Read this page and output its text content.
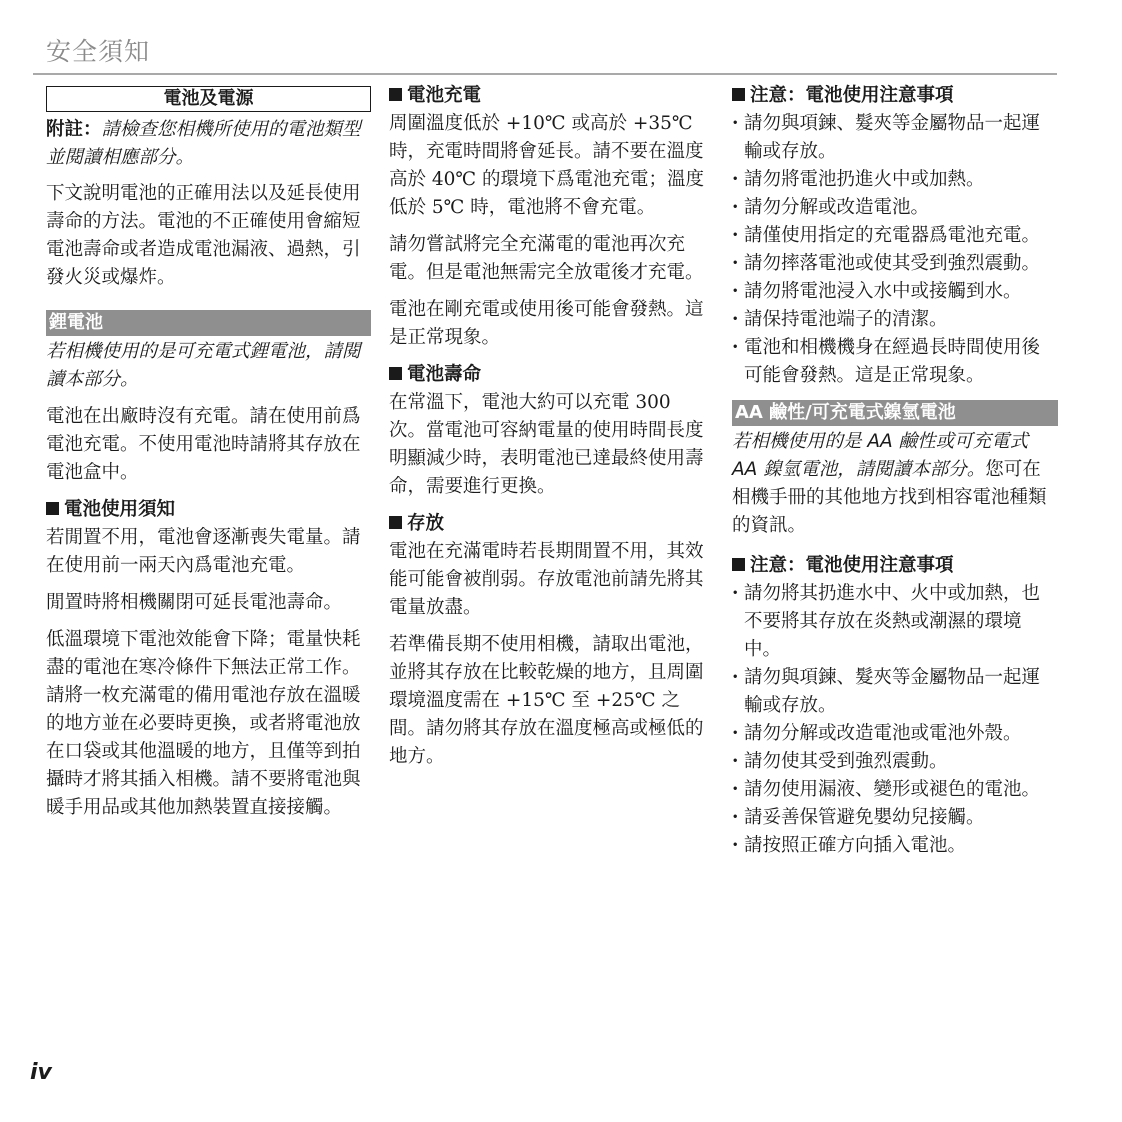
安全須知
電池及電源

附註：請檢查您相機所使用的電池類型並閱讀相應部分。

下文說明電池的正確用法以及延長使用壽命的方法。電池的不正確使用會縮短電池壽命或者造成電池漏液、過熱，引發火災或爆炸。

鋰電池

若相機使用的是可充電式鋰電池，請閱讀本部分。

電池在出廠時沒有充電。請在使用前爲電池充電。不使用電池時請將其存放在電池盒中。

電池使用須知

若閒置不用，電池會逐漸喪失電量。請在使用前一兩天內爲電池充電。

閒置時將相機關閉可延長電池壽命。

低溫環境下電池效能會下降；電量快耗盡的電池在寒冷條件下無法正常工作。請將一枚充滿電的備用電池存放在溫暖的地方並在必要時更換，或者將電池放在口袋或其他溫暖的地方，且僅等到拍攝時才將其插入相機。請不要將電池與暖手用品或其他加熱裝置直接接觸。

電池充電

周圍溫度低於 +10℃ 或高於 +35℃ 時，充電時間將會延長。請不要在溫度高於 40℃ 的環境下爲電池充電；溫度低於 5℃ 時，電池將不會充電。

請勿嘗試將完全充滿電的電池再次充電。但是電池無需完全放電後才充電。

電池在剛充電或使用後可能會發熱。這是正常現象。

電池壽命

在常溫下，電池大約可以充電 300 次。當電池可容納電量的使用時間長度明顯減少時，表明電池已達最終使用壽命，需要進行更換。

存放

電池在充滿電時若長期閒置不用，其效能可能會被削弱。存放電池前請先將其電量放盡。

若準備長期不使用相機，請取出電池，並將其存放在比較乾燥的地方，且周圍環境溫度需在 +15℃ 至 +25℃ 之間。請勿將其存放在溫度極高或極低的地方。

注意：電池使用注意事項
· 請勿與項鍊、髮夾等金屬物品一起運輸或存放。
· 請勿將電池扔進火中或加熱。
· 請勿分解或改造電池。
· 請僅使用指定的充電器爲電池充電。
· 請勿摔落電池或使其受到強烈震動。
· 請勿將電池浸入水中或接觸到水。
· 請保持電池端子的清潔。
· 電池和相機機身在經過長時間使用後可能會發熱。這是正常現象。
AA 鹼性/可充電式鎳氫電池

若相機使用的是 AA 鹼性或可充電式 AA 鎳氫電池，請閱讀本部分。您可在相機手冊的其他地方找到相容電池種類的資訊。

注意：電池使用注意事項
· 請勿將其扔進水中、火中或加熱，也不要將其存放在炎熱或潮濕的環境中。
· 請勿與項鍊、髮夾等金屬物品一起運輸或存放。
· 請勿分解或改造電池或電池外殼。
· 請勿使其受到強烈震動。
· 請勿使用漏液、變形或褪色的電池。
· 請妥善保管避免嬰幼兒接觸。
· 請按照正確方向插入電池。
iv
